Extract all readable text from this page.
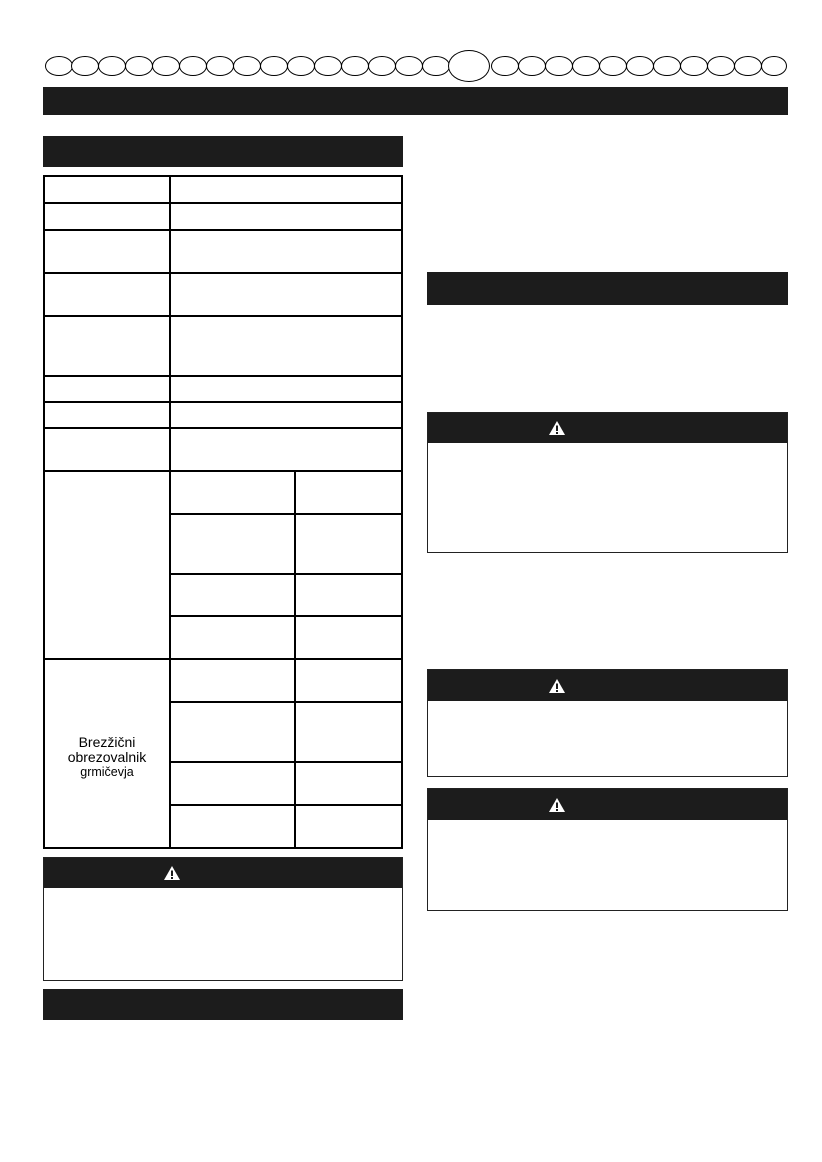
Brezžični
obrezovalnik
grmičevja
